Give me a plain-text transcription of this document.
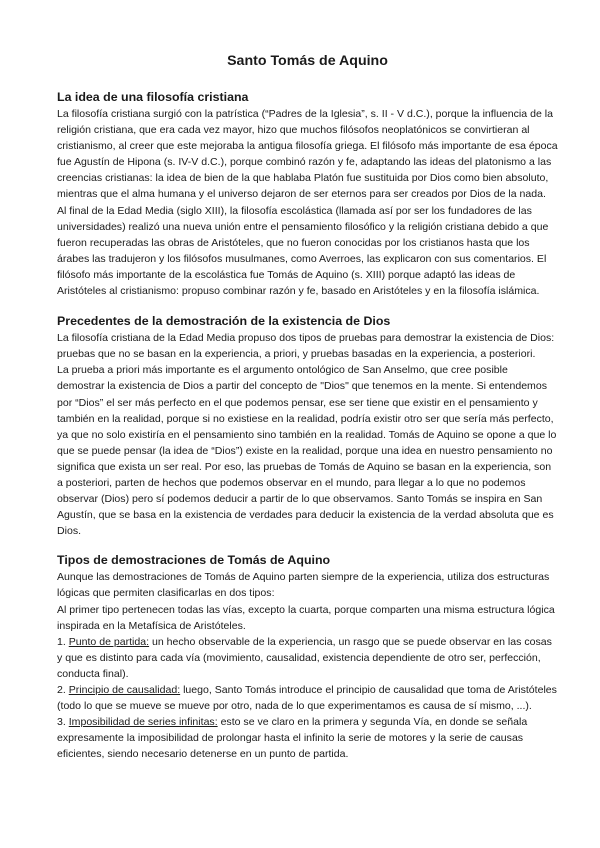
Santo Tomás de Aquino
La idea de una filosofía cristiana

La filosofía cristiana surgió con la patrística (“Padres de la Iglesia”, s. II - V d.C.), porque la influencia de la religión cristiana, que era cada vez mayor, hizo que muchos filósofos neoplatónicos se convirtieran al cristianismo, al creer que este mejoraba la antigua filosofía griega. El filósofo más importante de esa época fue Agustín de Hipona (s. IV-V d.C.), porque combinó razón y fe, adaptando las ideas del platonismo a las creencias cristianas: la idea de bien de la que hablaba Platón fue sustituida por Dios como bien absoluto, mientras que el alma humana y el universo dejaron de ser eternos para ser creados por Dios de la nada.

Al final de la Edad Media (siglo XIII), la filosofía escolástica (llamada así por ser los fundadores de las universidades) realizó una nueva unión entre el pensamiento filosófico y la religión cristiana debido a que fueron recuperadas las obras de Aristóteles, que no fueron conocidas por los cristianos hasta que los árabes las tradujeron y los filósofos musulmanes, como Averroes, las explicaron con sus comentarios. El filósofo más importante de la escolástica fue Tomás de Aquino (s. XIII) porque adaptó las ideas de Aristóteles al cristianismo: propuso combinar razón y fe, basado en Aristóteles y en la filosofía islámica.

Precedentes de la demostración de la existencia de Dios

La filosofía cristiana de la Edad Media propuso dos tipos de pruebas para demostrar la existencia de Dios: pruebas que no se basan en la experiencia, a priori, y pruebas basadas en la experiencia, a posteriori.

La prueba a priori más importante es el argumento ontológico de San Anselmo, que cree posible demostrar la existencia de Dios a partir del concepto de "Dios" que tenemos en la mente. Si entendemos por “Dios” el ser más perfecto en el que podemos pensar, ese ser tiene que existir en el pensamiento y también en la realidad, porque si no existiese en la realidad, podría existir otro ser que sería más perfecto, ya que no solo existiría en el pensamiento sino también en la realidad. Tomás de Aquino se opone a que lo que se puede pensar (la idea de “Dios”) existe en la realidad, porque una idea en nuestro pensamiento no significa que exista un ser real. Por eso, las pruebas de Tomás de Aquino se basan en la experiencia, son a posteriori, parten de hechos que podemos observar en el mundo, para llegar a lo que no podemos observar (Dios) pero sí podemos deducir a partir de lo que observamos. Santo Tomás se inspira en San Agustín, que se basa en la existencia de verdades para deducir la existencia de la verdad absoluta que es Dios.

Tipos de demostraciones de Tomás de Aquino

Aunque las demostraciones de Tomás de Aquino parten siempre de la experiencia, utiliza dos estructuras lógicas que permiten clasificarlas en dos tipos:

Al primer tipo pertenecen todas las vías, excepto la cuarta, porque comparten una misma estructura lógica inspirada en la Metafísica de Aristóteles.

1. Punto de partida: un hecho observable de la experiencia, un rasgo que se puede observar en las cosas y que es distinto para cada vía (movimiento, causalidad, existencia dependiente de otro ser, perfección, conducta final).

2. Principio de causalidad: luego, Santo Tomás introduce el principio de causalidad que toma de Aristóteles (todo lo que se mueve se mueve por otro, nada de lo que experimentamos es causa de sí mismo, ...).

3. Imposibilidad de series infinitas: esto se ve claro en la primera y segunda Vía, en donde se señala expresamente la imposibilidad de prolongar hasta el infinito la serie de motores y la serie de causas eficientes, siendo necesario detenerse en un punto de partida.
